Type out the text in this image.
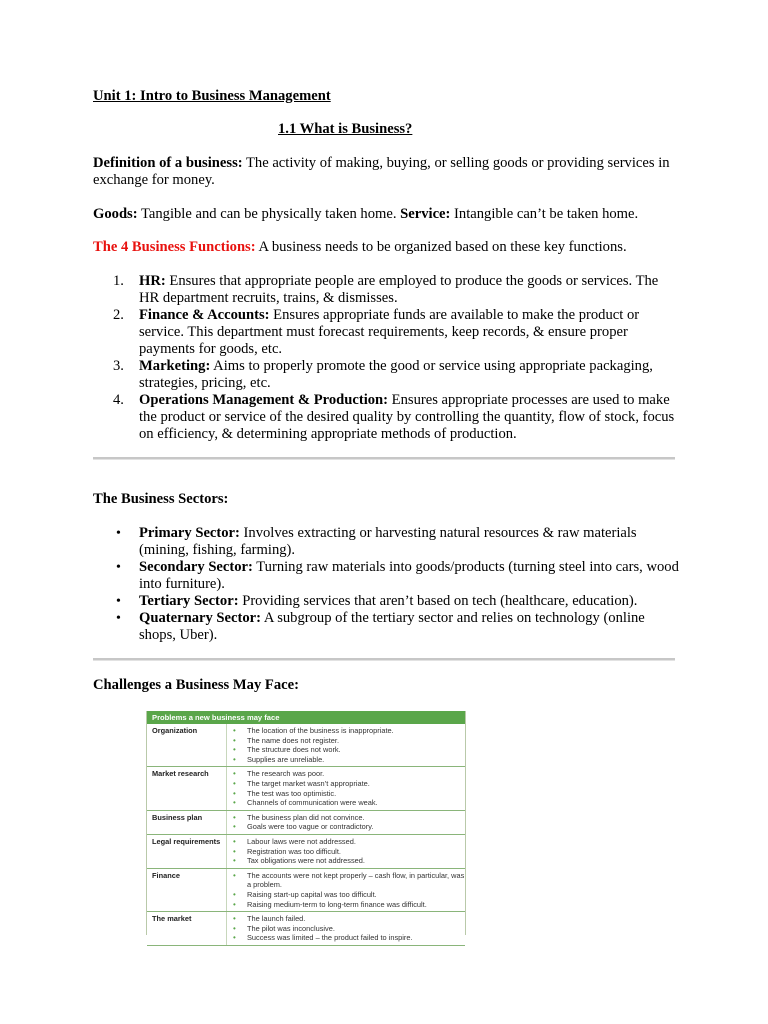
Unit 1: Intro to Business Management
1.1 What is Business?
Definition of a business: The activity of making, buying, or selling goods or providing services in exchange for money.
Goods: Tangible and can be physically taken home. Service: Intangible can’t be taken home.
The 4 Business Functions: A business needs to be organized based on these key functions.
1. HR: Ensures that appropriate people are employed to produce the goods or services. The HR department recruits, trains, & dismisses.
2. Finance & Accounts: Ensures appropriate funds are available to make the product or service. This department must forecast requirements, keep records, & ensure proper payments for goods, etc.
3. Marketing: Aims to properly promote the good or service using appropriate packaging, strategies, pricing, etc.
4. Operations Management & Production: Ensures appropriate processes are used to make the product or service of the desired quality by controlling the quantity, flow of stock, focus on efficiency, & determining appropriate methods of production.
The Business Sectors:
• Primary Sector: Involves extracting or harvesting natural resources & raw materials (mining, fishing, farming).
• Secondary Sector: Turning raw materials into goods/products (turning steel into cars, wood into furniture).
• Tertiary Sector: Providing services that aren’t based on tech (healthcare, education).
• Quaternary Sector: A subgroup of the tertiary sector and relies on technology (online shops, Uber).
Challenges a Business May Face:
Problems a new business may face
Organization	• The location of the business is inappropriate.
• The name does not register.
• The structure does not work.
• Supplies are unreliable.
Market research	• The research was poor.
• The target market wasn’t appropriate.
• The test was too optimistic.
• Channels of communication were weak.
Business plan	• The business plan did not convince.
• Goals were too vague or contradictory.
Legal requirements	• Labour laws were not addressed.
• Registration was too difficult.
• Tax obligations were not addressed.
Finance	• The accounts were not kept properly – cash flow, in particular, was a problem.
• Raising start-up capital was too difficult.
• Raising medium-term to long-term finance was difficult.
The market	• The launch failed.
• The pilot was inconclusive.
• Success was limited – the product failed to inspire.
